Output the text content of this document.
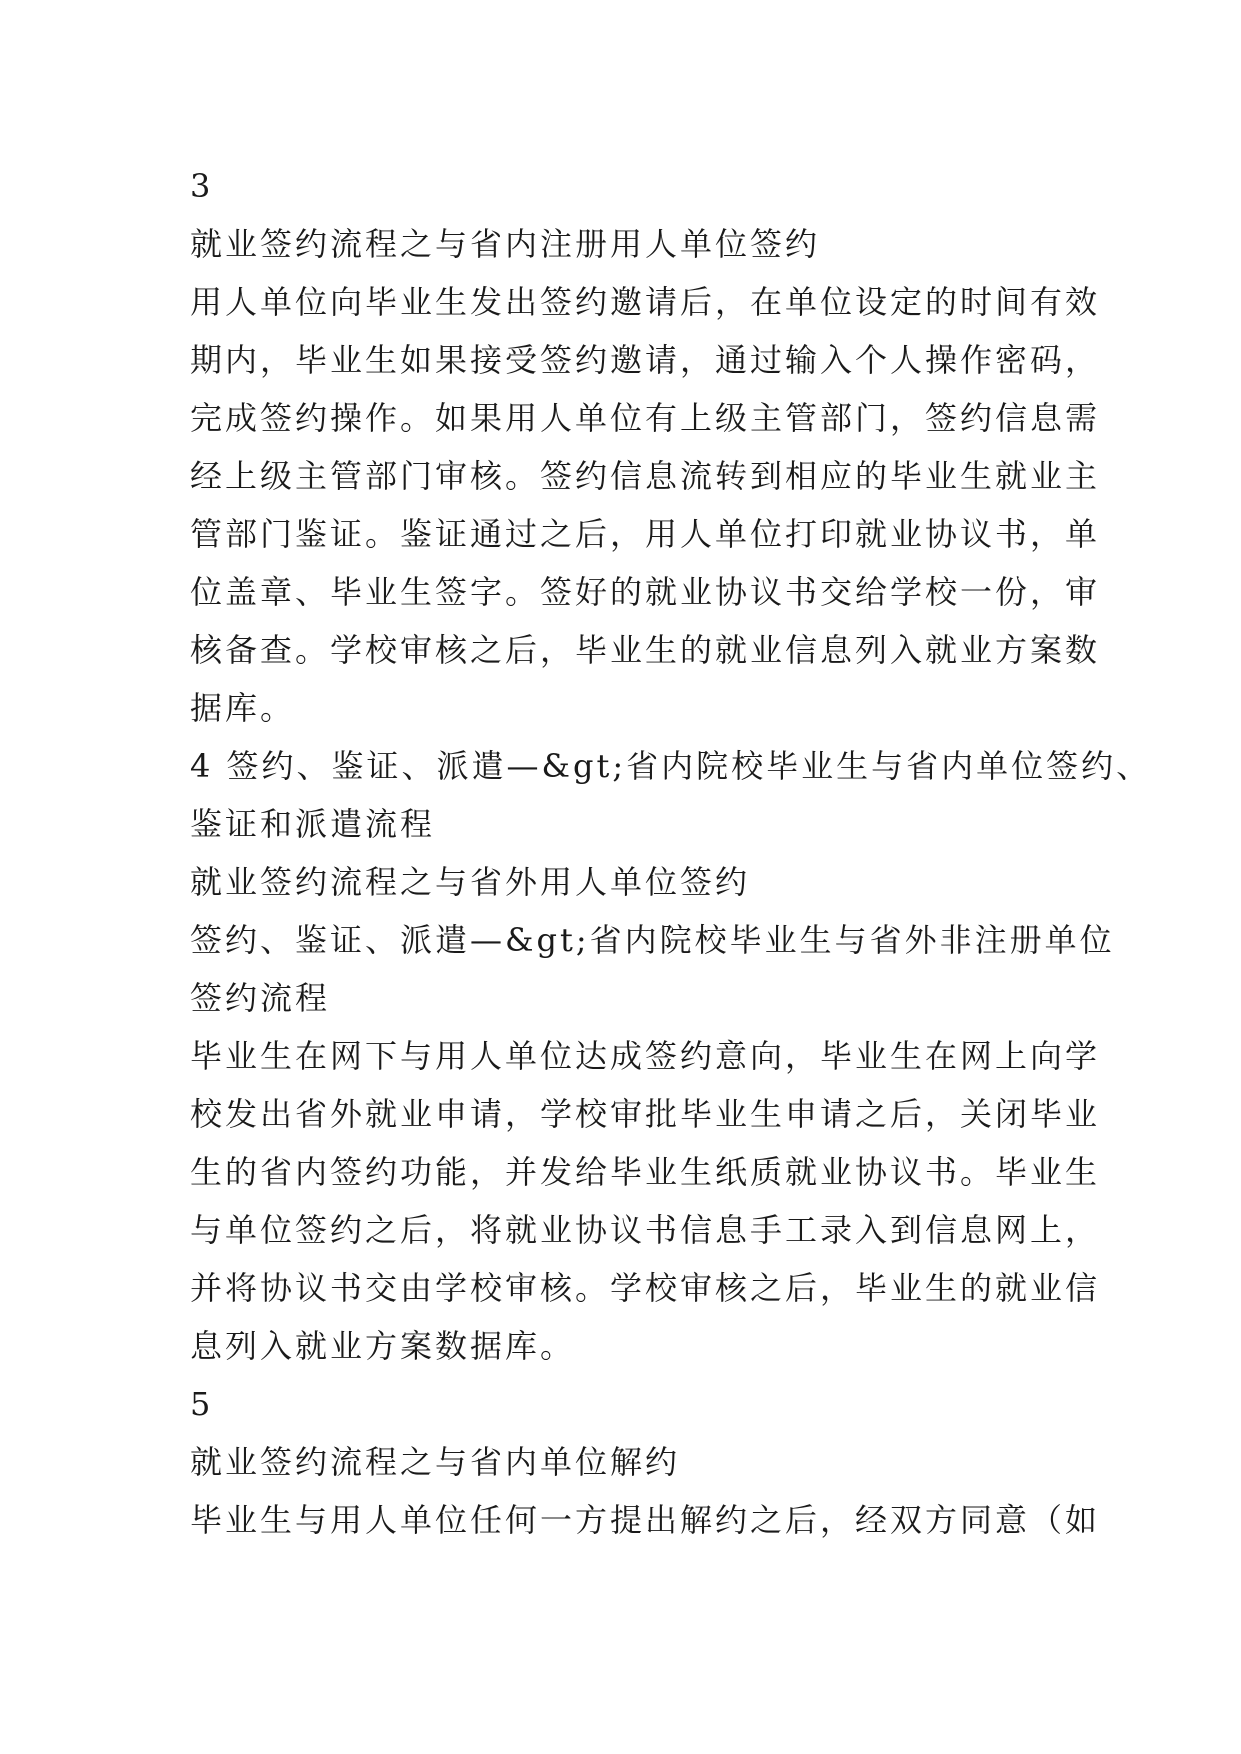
3
就业签约流程之与省内注册用人单位签约
用人单位向毕业生发出签约邀请后，在单位设定的时间有效
期内，毕业生如果接受签约邀请，通过输入个人操作密码，
完成签约操作。如果用人单位有上级主管部门，签约信息需
经上级主管部门审核。签约信息流转到相应的毕业生就业主
管部门鉴证。鉴证通过之后，用人单位打印就业协议书，单
位盖章、毕业生签字。签好的就业协议书交给学校一份，审
核备查。学校审核之后，毕业生的就业信息列入就业方案数
据库。
4 签约、鉴证、派遣—&gt;省内院校毕业生与省内单位签约、
鉴证和派遣流程
就业签约流程之与省外用人单位签约
签约、鉴证、派遣—&gt;省内院校毕业生与省外非注册单位
签约流程
毕业生在网下与用人单位达成签约意向，毕业生在网上向学
校发出省外就业申请，学校审批毕业生申请之后，关闭毕业
生的省内签约功能，并发给毕业生纸质就业协议书。毕业生
与单位签约之后，将就业协议书信息手工录入到信息网上，
并将协议书交由学校审核。学校审核之后，毕业生的就业信
息列入就业方案数据库。
5
就业签约流程之与省内单位解约
毕业生与用人单位任何一方提出解约之后，经双方同意（如
